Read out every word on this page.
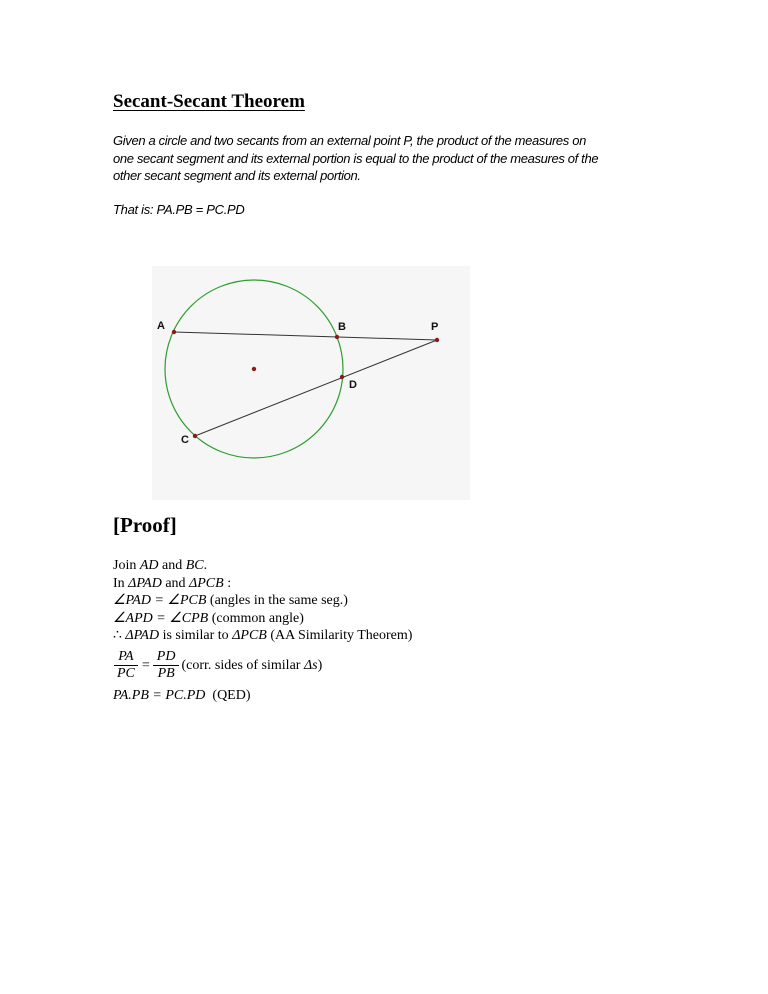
Secant-Secant Theorem
Given a circle and two secants from an external point P, the product of the measures on
one secant segment and its external portion is equal to the product of the measures of the
other secant segment and its external portion.

That is: PA.PB = PC.PD

A	B	P
D
C
[Proof]
Join AD and BC.
In ΔPAD and ΔPCB :
∠PAD = ∠PCB (angles in the same seg.)
∠APD = ∠CPB (common angle)
∴ ΔPAD is similar to ΔPCB (AA Similarity Theorem)
$\frac{PA}{PC} = \frac{PD}{PB}$ (corr. sides of similar Δs)
PA.PB = PC.PD  (QED)
